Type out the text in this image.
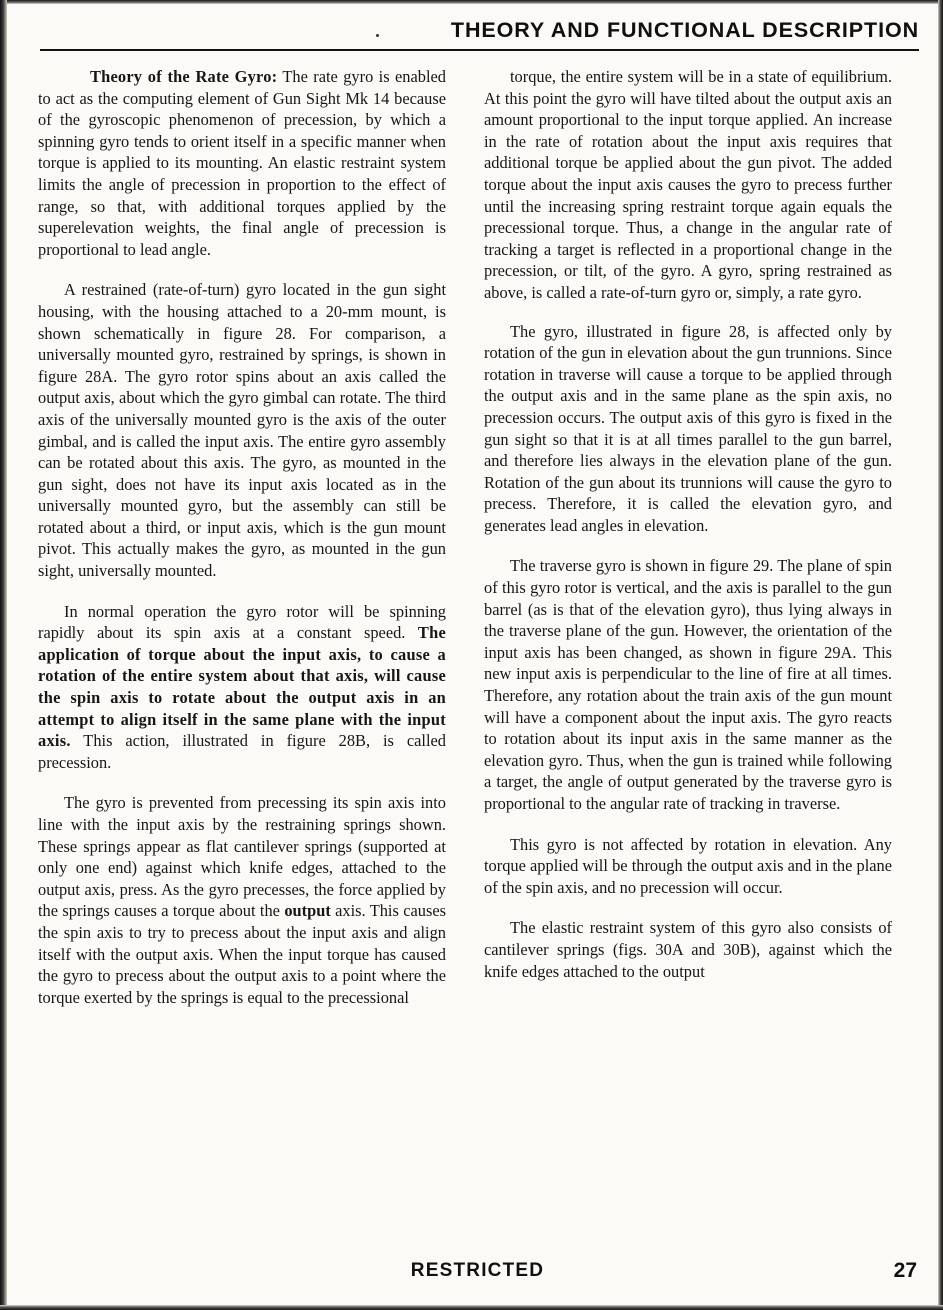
THEORY AND FUNCTIONAL DESCRIPTION

Theory of the Rate Gyro: The rate gyro is enabled to act as the computing element of Gun Sight Mk 14 because of the gyroscopic phenomenon of precession, by which a spinning gyro tends to orient itself in a specific manner when torque is applied to its mounting. An elastic restraint system limits the angle of precession in proportion to the effect of range, so that, with additional torques applied by the superelevation weights, the final angle of precession is proportional to lead angle.

A restrained (rate-of-turn) gyro located in the gun sight housing, with the housing attached to a 20-mm mount, is shown schematically in figure 28. For comparison, a universally mounted gyro, restrained by springs, is shown in figure 28A. The gyro rotor spins about an axis called the output axis, about which the gyro gimbal can rotate. The third axis of the universally mounted gyro is the axis of the outer gimbal, and is called the input axis. The entire gyro assembly can be rotated about this axis. The gyro, as mounted in the gun sight, does not have its input axis located as in the universally mounted gyro, but the assembly can still be rotated about a third, or input axis, which is the gun mount pivot. This actually makes the gyro, as mounted in the gun sight, universally mounted.

In normal operation the gyro rotor will be spinning rapidly about its spin axis at a constant speed. The application of torque about the input axis, to cause a rotation of the entire system about that axis, will cause the spin axis to rotate about the output axis in an attempt to align itself in the same plane with the input axis. This action, illustrated in figure 28B, is called precession.

The gyro is prevented from precessing its spin axis into line with the input axis by the restraining springs shown. These springs appear as flat cantilever springs (supported at only one end) against which knife edges, attached to the output axis, press. As the gyro precesses, the force applied by the springs causes a torque about the output axis. This causes the spin axis to try to precess about the input axis and align itself with the output axis. When the input torque has caused the gyro to precess about the output axis to a point where the torque exerted by the springs is equal to the precessional

torque, the entire system will be in a state of equilibrium. At this point the gyro will have tilted about the output axis an amount proportional to the input torque applied. An increase in the rate of rotation about the input axis requires that additional torque be applied about the gun pivot. The added torque about the input axis causes the gyro to precess further until the increasing spring restraint torque again equals the precessional torque. Thus, a change in the angular rate of tracking a target is reflected in a proportional change in the precession, or tilt, of the gyro. A gyro, spring restrained as above, is called a rate-of-turn gyro or, simply, a rate gyro.

The gyro, illustrated in figure 28, is affected only by rotation of the gun in elevation about the gun trunnions. Since rotation in traverse will cause a torque to be applied through the output axis and in the same plane as the spin axis, no precession occurs. The output axis of this gyro is fixed in the gun sight so that it is at all times parallel to the gun barrel, and therefore lies always in the elevation plane of the gun. Rotation of the gun about its trunnions will cause the gyro to precess. Therefore, it is called the elevation gyro, and generates lead angles in elevation.

The traverse gyro is shown in figure 29. The plane of spin of this gyro rotor is vertical, and the axis is parallel to the gun barrel (as is that of the elevation gyro), thus lying always in the traverse plane of the gun. However, the orientation of the input axis has been changed, as shown in figure 29A. This new input axis is perpendicular to the line of fire at all times. Therefore, any rotation about the train axis of the gun mount will have a component about the input axis. The gyro reacts to rotation about its input axis in the same manner as the elevation gyro. Thus, when the gun is trained while following a target, the angle of output generated by the traverse gyro is proportional to the angular rate of tracking in traverse.

This gyro is not affected by rotation in elevation. Any torque applied will be through the output axis and in the plane of the spin axis, and no precession will occur.

The elastic restraint system of this gyro also consists of cantilever springs (figs. 30A and 30B), against which the knife edges attached to the output

RESTRICTED	27
